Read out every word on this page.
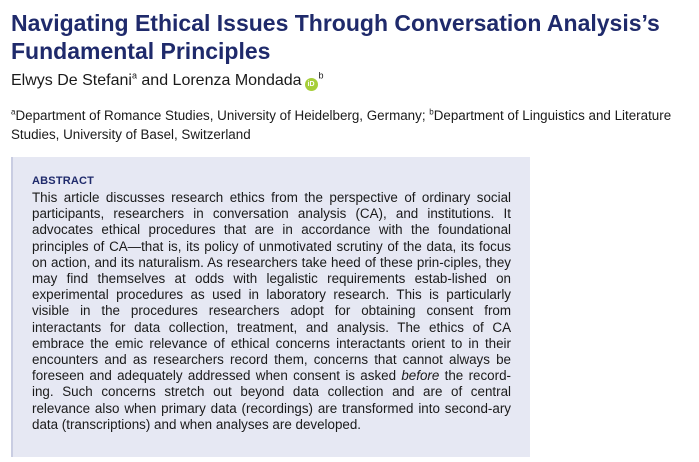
Navigating Ethical Issues Through Conversation Analysis’s Fundamental Principles
Elwys De Stefani$^a$ and Lorenza Mondada $iD^b$
$^a$Department of Romance Studies, University of Heidelberg, Germany; $^b$Department of Linguistics and Literature Studies, University of Basel, Switzerland
ABSTRACT

This article discusses research ethics from the perspective of ordinary social participants, researchers in conversation analysis (CA), and institutions. It advocates ethical procedures that are in accordance with the foundational principles of CA—that is, its policy of unmotivated scrutiny of the data, its focus on action, and its naturalism. As researchers take heed of these prin-ciples, they may find themselves at odds with legalistic requirements estab-lished on experimental procedures as used in laboratory research. This is particularly visible in the procedures researchers adopt for obtaining consent from interactants for data collection, treatment, and analysis. The ethics of CA embrace the emic relevance of ethical concerns interactants orient to in their encounters and as researchers record them, concerns that cannot always be foreseen and adequately addressed when consent is asked before the record-ing. Such concerns stretch out beyond data collection and are of central relevance also when primary data (recordings) are transformed into second-ary data (transcriptions) and when analyses are developed.
